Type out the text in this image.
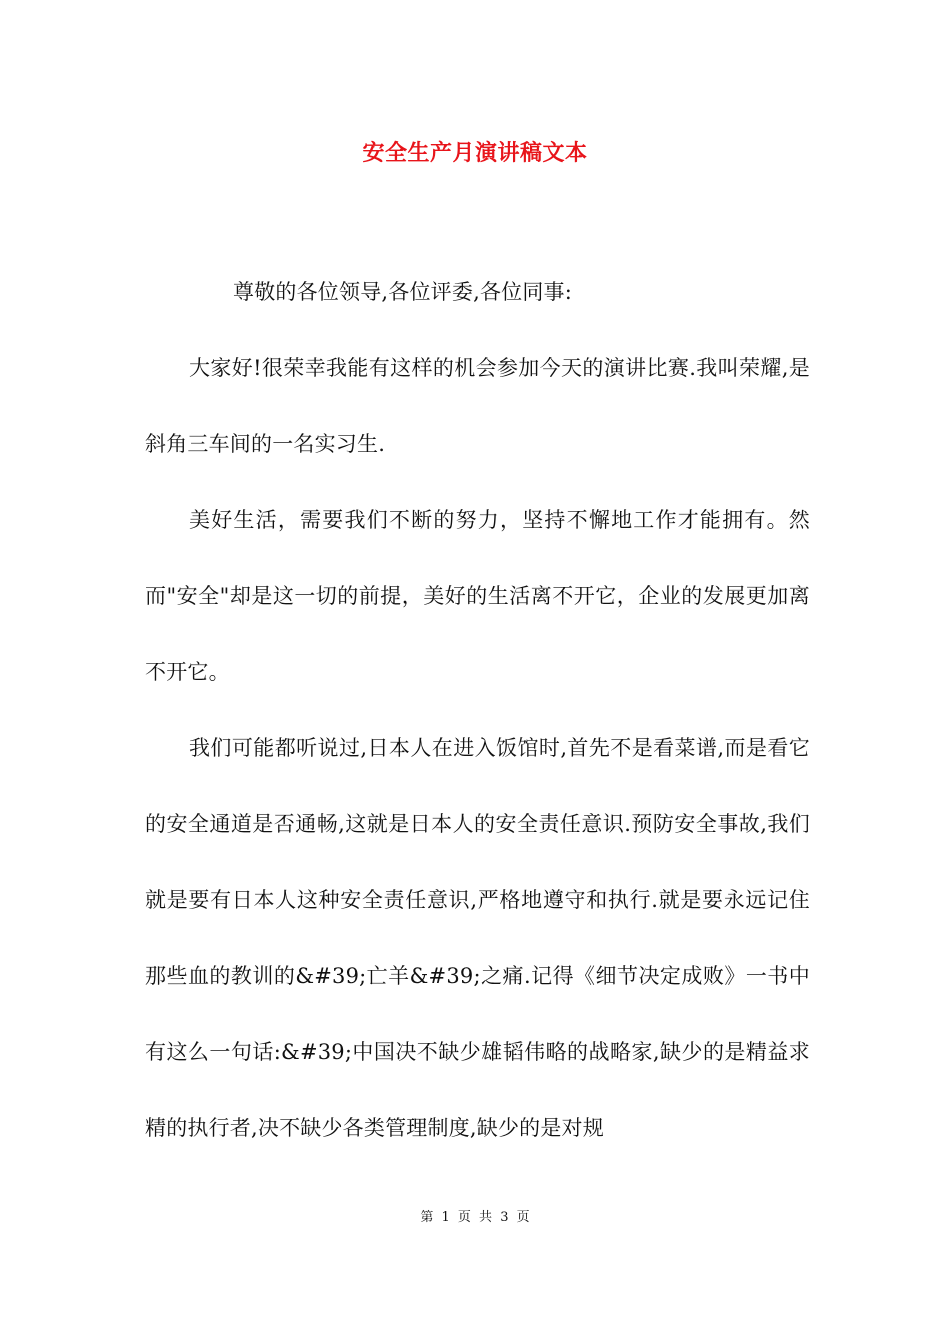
安全生产月演讲稿文本

尊敬的各位领导,各位评委,各位同事:

大家好!很荣幸我能有这样的机会参加今天的演讲比赛.我叫荣耀,是斜角三车间的一名实习生.

美好生活，需要我们不断的努力，坚持不懈地工作才能拥有。然而"安全"却是这一切的前提，美好的生活离不开它，企业的发展更加离不开它。

我们可能都听说过,日本人在进入饭馆时,首先不是看菜谱,而是看它的安全通道是否通畅,这就是日本人的安全责任意识.预防安全事故,我们就是要有日本人这种安全责任意识,严格地遵守和执行.就是要永远记住那些血的教训的&#39;亡羊&#39;之痛.记得《细节决定成败》一书中有这么一句话:&#39;中国决不缺少雄韬伟略的战略家,缺少的是精益求精的执行者,决不缺少各类管理制度,缺少的是对规

第 1 页 共 3 页
